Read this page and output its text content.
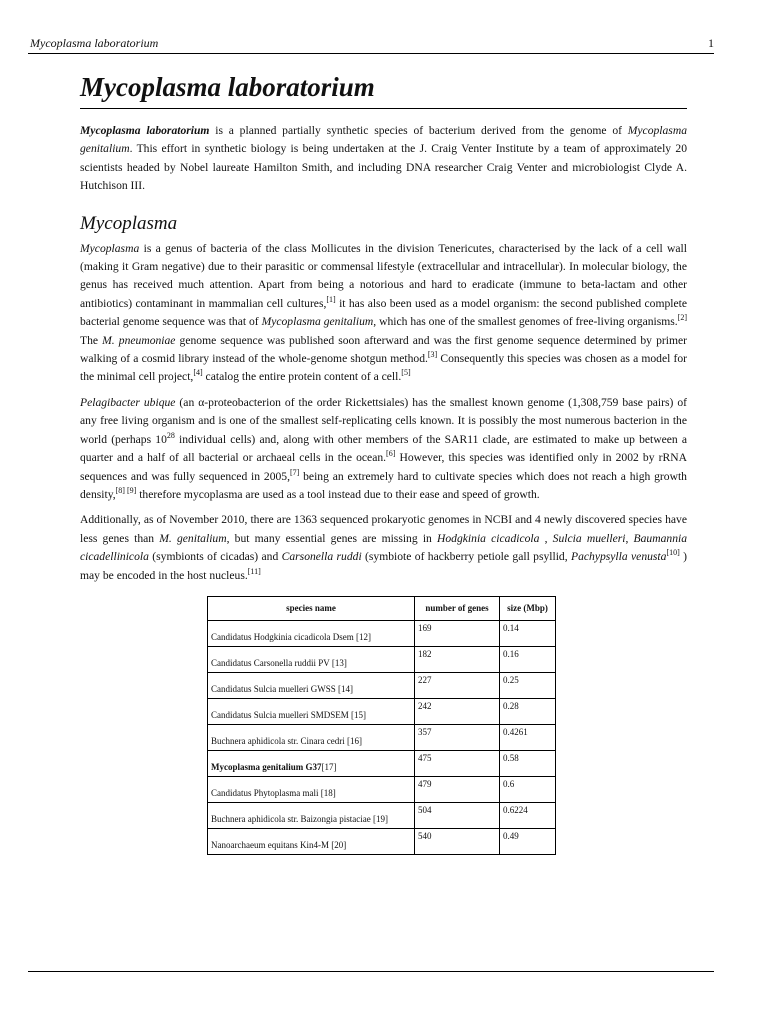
Mycoplasma laboratorium	1
Mycoplasma laboratorium

Mycoplasma laboratorium is a planned partially synthetic species of bacterium derived from the genome of Mycoplasma genitalium. This effort in synthetic biology is being undertaken at the J. Craig Venter Institute by a team of approximately 20 scientists headed by Nobel laureate Hamilton Smith, and including DNA researcher Craig Venter and microbiologist Clyde A. Hutchison III.

Mycoplasma

Mycoplasma is a genus of bacteria of the class Mollicutes in the division Tenericutes, characterised by the lack of a cell wall (making it Gram negative) due to their parasitic or commensal lifestyle (extracellular and intracellular). In molecular biology, the genus has received much attention. Apart from being a notorious and hard to eradicate (immune to beta-lactam and other antibiotics) contaminant in mammalian cell cultures,[1] it has also been used as a model organism: the second published complete bacterial genome sequence was that of Mycoplasma genitalium, which has one of the smallest genomes of free-living organisms.[2] The M. pneumoniae genome sequence was published soon afterward and was the first genome sequence determined by primer walking of a cosmid library instead of the whole-genome shotgun method.[3] Consequently this species was chosen as a model for the minimal cell project,[4] catalog the entire protein content of a cell.[5]

Pelagibacter ubique (an α-proteobacterion of the order Rickettsiales) has the smallest known genome (1,308,759 base pairs) of any free living organism and is one of the smallest self-replicating cells known. It is possibly the most numerous bacterion in the world (perhaps $10^{28}$ individual cells) and, along with other members of the SAR11 clade, are estimated to make up between a quarter and a half of all bacterial or archaeal cells in the ocean.[6] However, this species was identified only in 2002 by rRNA sequences and was fully sequenced in 2005,[7] being an extremely hard to cultivate species which does not reach a high growth density,[8] [9] therefore mycoplasma are used as a tool instead due to their ease and speed of growth.

Additionally, as of November 2010, there are 1363 sequenced prokaryotic genomes in NCBI and 4 newly discovered species have less genes than M. genitalium, but many essential genes are missing in Hodgkinia cicadicola , Sulcia muelleri, Baumannia cicadellinicola (symbionts of cicadas) and Carsonella ruddi (symbiote of hackberry petiole gall psyllid, Pachypsylla venusta[10] ) may be encoded in the host nucleus.[11]

species name	number of genes	size (Mbp)
Candidatus Hodgkinia cicadicola Dsem [12]	169	0.14
Candidatus Carsonella ruddii PV [13]	182	0.16
Candidatus Sulcia muelleri GWSS [14]	227	0.25
Candidatus Sulcia muelleri SMDSEM [15]	242	0.28
Buchnera aphidicola str. Cinara cedri [16]	357	0.4261
Mycoplasma genitalium G37[17]	475	0.58
Candidatus Phytoplasma mali [18]	479	0.6
Buchnera aphidicola str. Baizongia pistaciae [19]	504	0.6224
Nanoarchaeum equitans Kin4-M [20]	540	0.49
